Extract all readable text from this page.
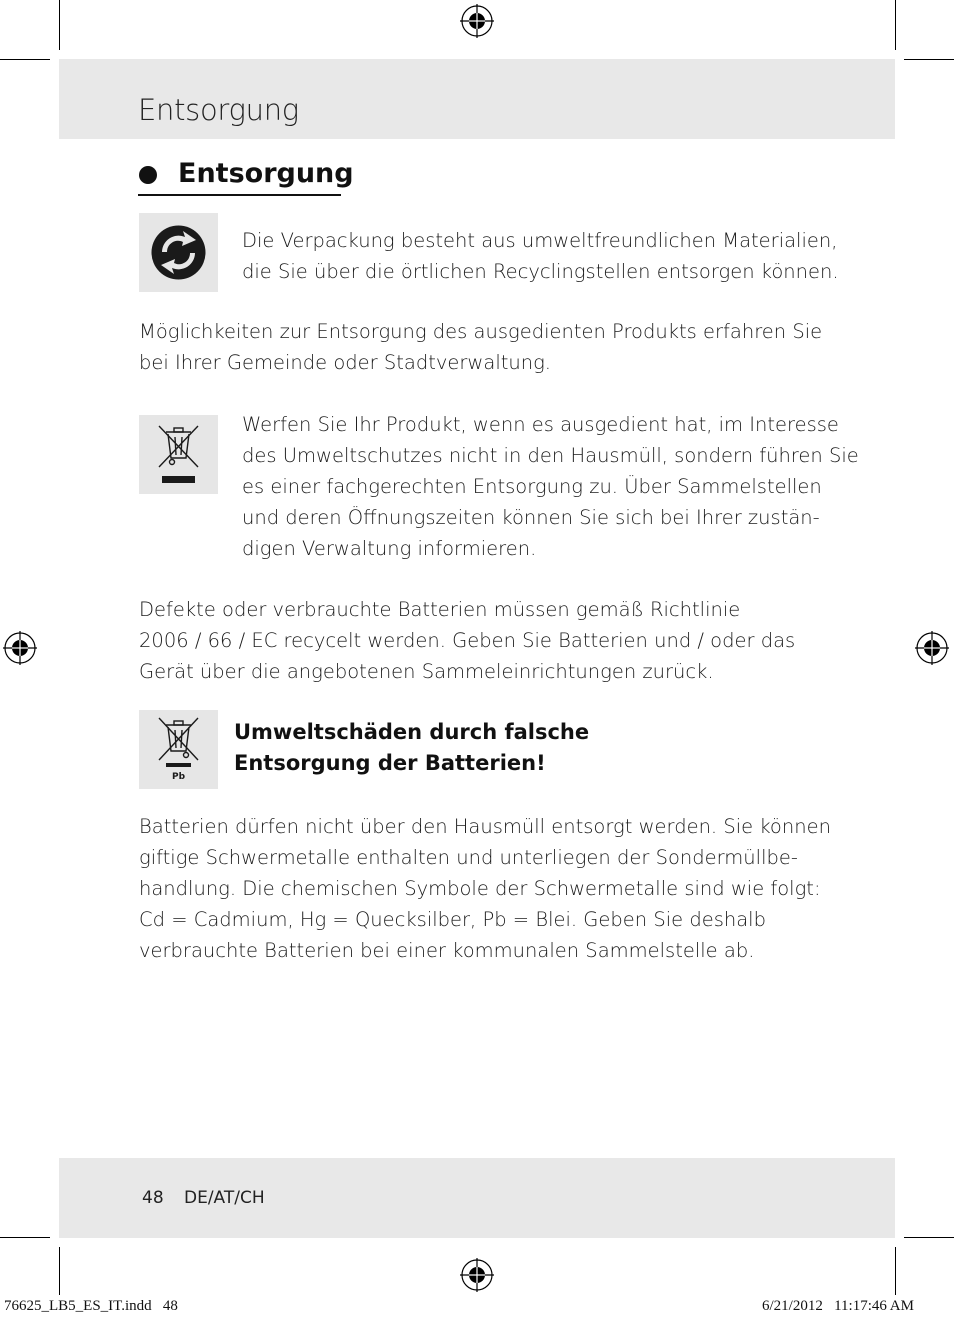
Entsorgung
Entsorgung
Die Verpackung besteht aus umweltfreundlichen Materialien,
die Sie über die örtlichen Recyclingstellen entsorgen können.
Möglichkeiten zur Entsorgung des ausgedienten Produkts erfahren Sie
bei Ihrer Gemeinde oder Stadtverwaltung.
Werfen Sie Ihr Produkt, wenn es ausgedient hat, im Interesse
des Umweltschutzes nicht in den Hausmüll, sondern führen Sie
es einer fachgerechten Entsorgung zu. Über Sammelstellen
und deren Öffnungszeiten können Sie sich bei Ihrer zustän-
digen Verwaltung informieren.
Defekte oder verbrauchte Batterien müssen gemäß Richtlinie
2006 / 66 / EC recycelt werden. Geben Sie Batterien und / oder das
Gerät über die angebotenen Sammeleinrichtungen zurück.
Pb
Umweltschäden durch falsche
Entsorgung der Batterien!
Batterien dürfen nicht über den Hausmüll entsorgt werden. Sie können
giftige Schwermetalle enthalten und unterliegen der Sondermüllbe-
handlung. Die chemischen Symbole der Schwermetalle sind wie folgt:
Cd = Cadmium, Hg = Quecksilber, Pb = Blei. Geben Sie deshalb
verbrauchte Batterien bei einer kommunalen Sammelstelle ab.
48 DE/AT/CH
76625_LB5_ES_IT.indd   48	6/21/2012   11:17:46 AM
